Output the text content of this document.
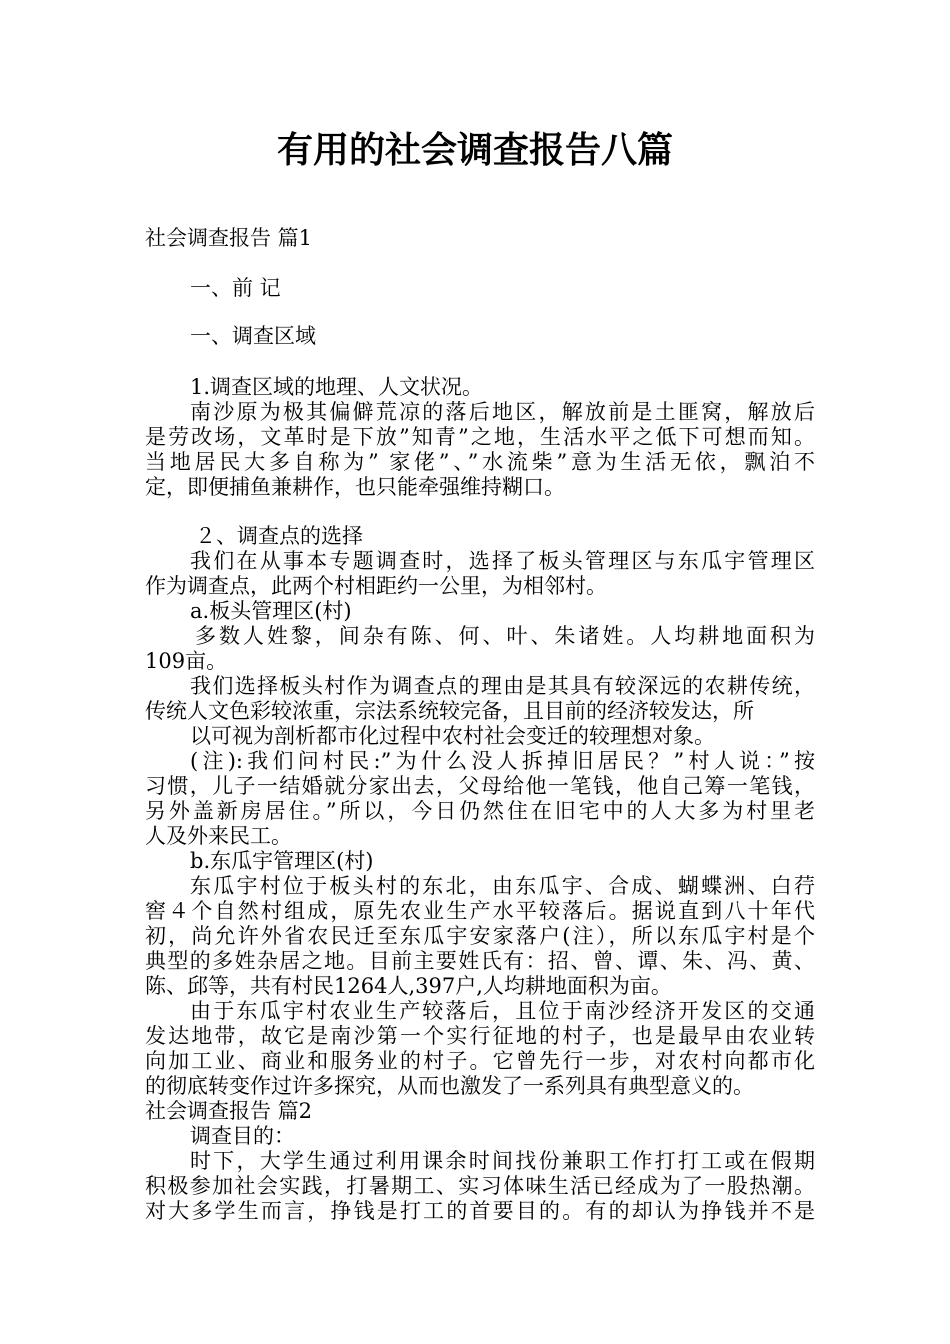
有用的社会调查报告八篇

社会调查报告 篇1

一、前 记

一、调查区域

1.调查区域的地理、人文状况。

南沙原为极其偏僻荒凉的落后地区，解放前是土匪窝，解放后

是劳改场，文革时是下放”知青”之地，生活水平之低下可想而知。

当地居民大多自称为” 家佬”、”水流柴”意为生活无依，飘泊不

定，即便捕鱼兼耕作，也只能牵强维持糊口。

２、调查点的选择

我们在从事本专题调查时，选择了板头管理区与东瓜宇管理区

作为调查点，此两个村相距约一公里，为相邻村。

a.板头管理区(村)

多数人姓黎，间杂有陈、何、叶、朱诸姓。人均耕地面积为

109亩。

我们选择板头村作为调查点的理由是其具有较深远的农耕传统，

传统人文色彩较浓重，宗法系统较完备，且目前的经济较发达，所

以可视为剖析都市化过程中农村社会变迁的较理想对象。

(注):我们问村民:”为什么没人拆掉旧居民？”村人说：”按

习惯，儿子一结婚就分家出去，父母给他一笔钱，他自己筹一笔钱，

另外盖新房居住。”所以，今日仍然住在旧宅中的人大多为村里老

人及外来民工。

b.东瓜宇管理区(村)

东瓜宇村位于板头村的东北，由东瓜宇、合成、蝴蝶洲、白荇

窖４个自然村组成，原先农业生产水平较落后。据说直到八十年代

初，尚允许外省农民迁至东瓜宇安家落户(注），所以东瓜宇村是个

典型的多姓杂居之地。目前主要姓氏有：招、曾、谭、朱、冯、黄、

陈、邱等，共有村民1264人,397户,人均耕地面积为亩。

由于东瓜宇村农业生产较落后，且位于南沙经济开发区的交通

发达地带，故它是南沙第一个实行征地的村子，也是最早由农业转

向加工业、商业和服务业的村子。它曾先行一步，对农村向都市化

的彻底转变作过许多探究，从而也激发了一系列具有典型意义的。

社会调查报告 篇2

调查目的：

时下，大学生通过利用课余时间找份兼职工作打打工或在假期

积极参加社会实践，打暑期工、实习体味生活已经成为了一股热潮。

对大多学生而言，挣钱是打工的首要目的。有的却认为挣钱并不是
